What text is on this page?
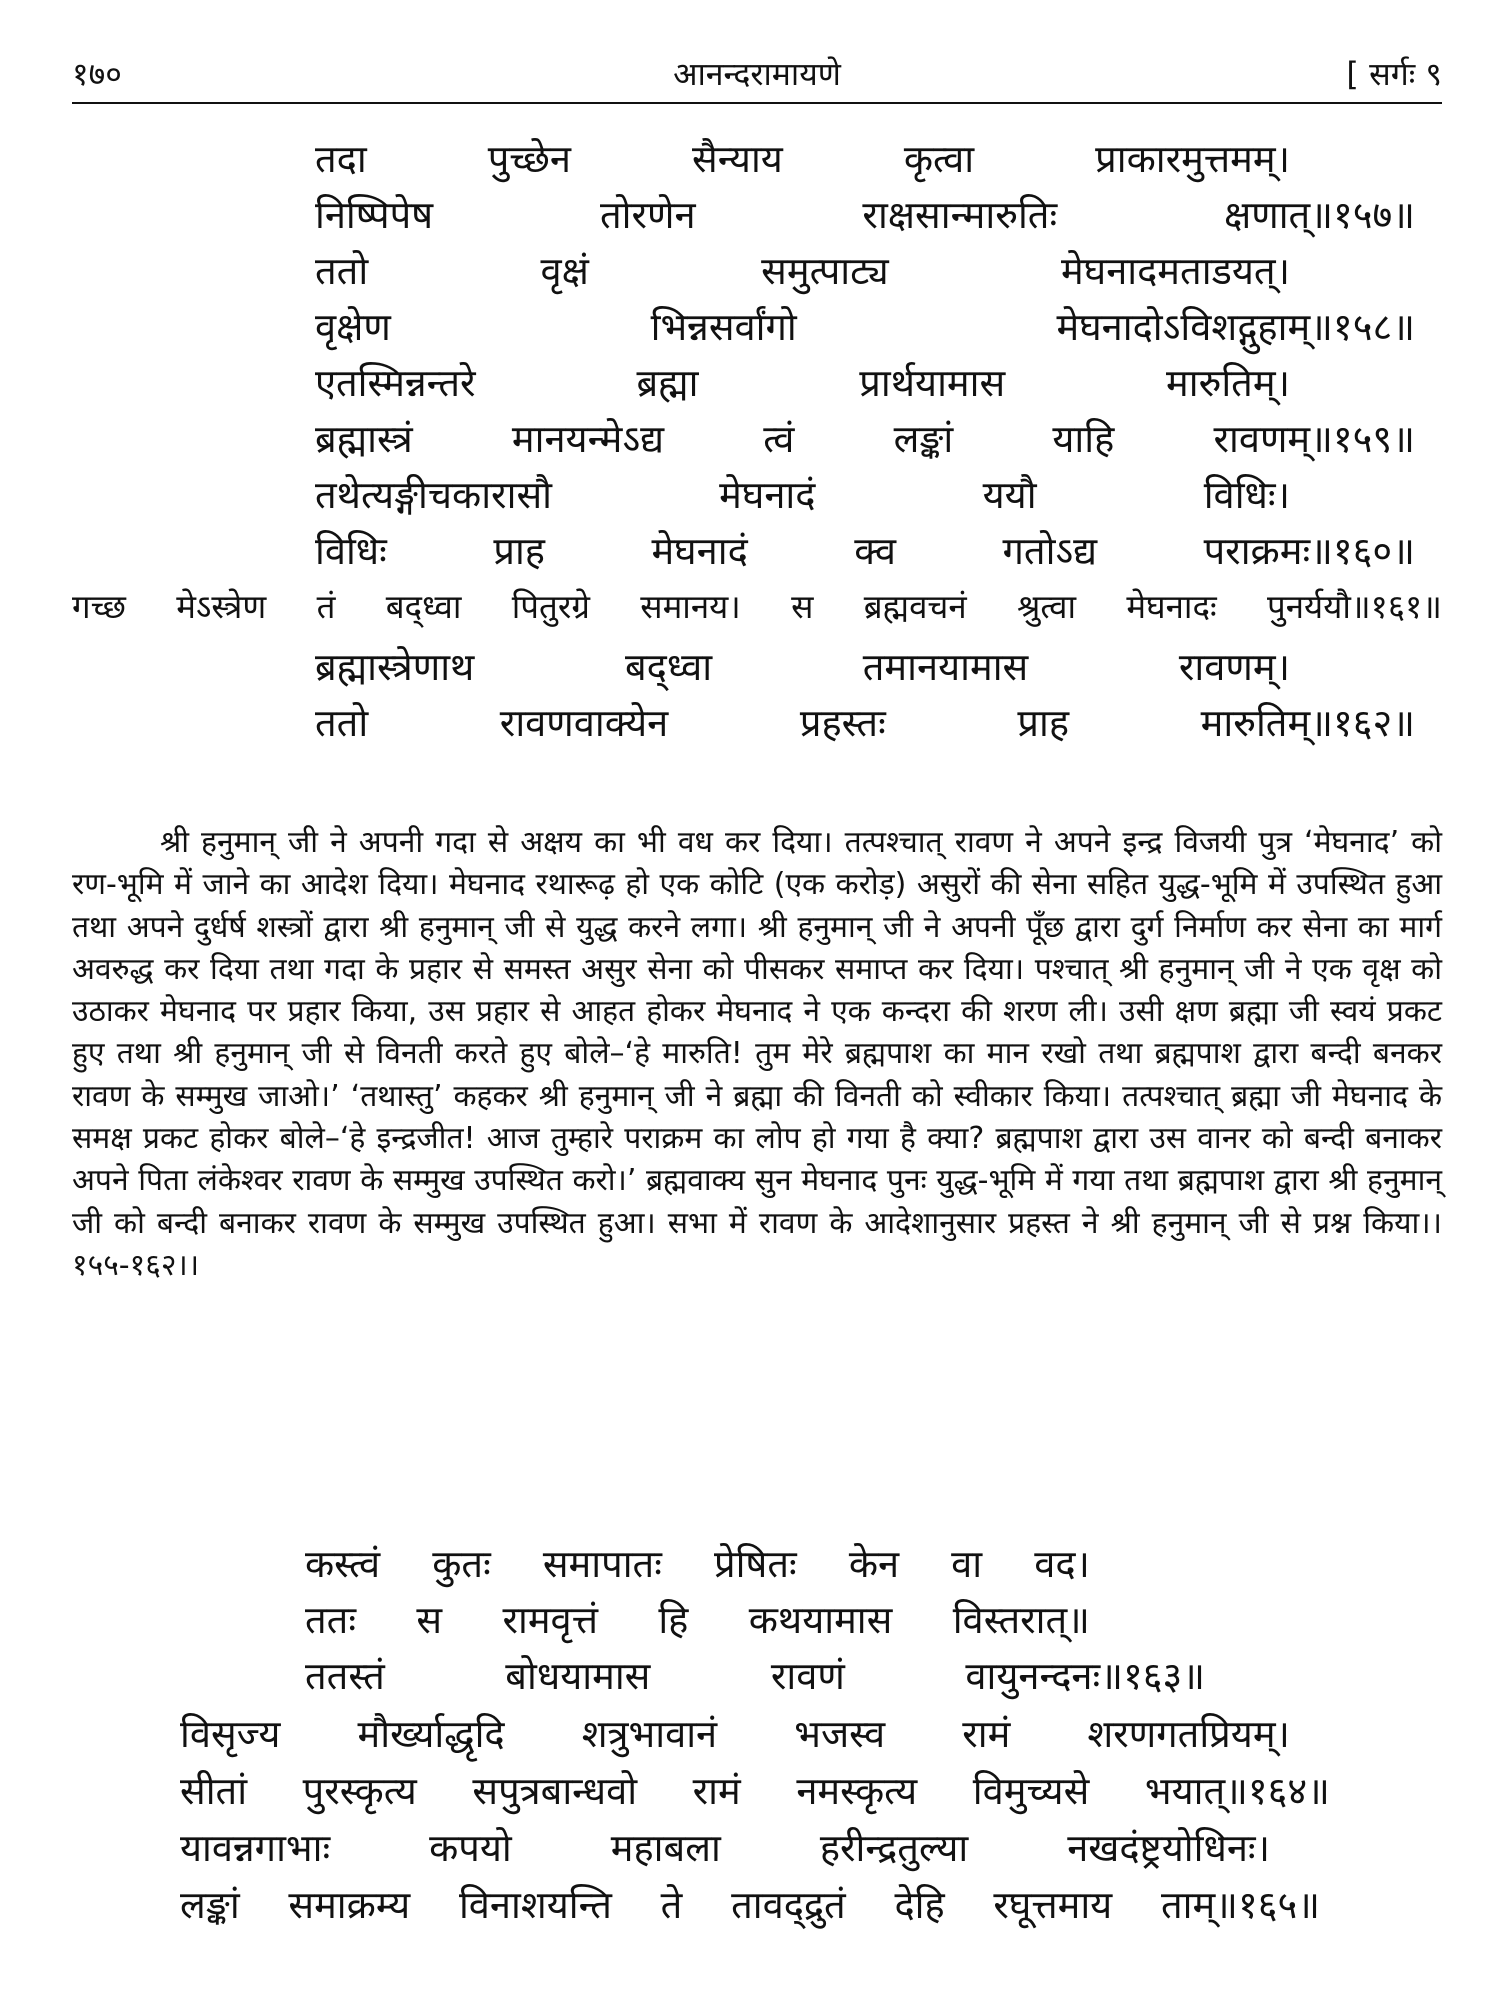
१७०	आनन्दरामायणे	[ सर्गः ९
तदा	पुच्छेन	सैन्याय	कृत्वा	प्राकारमुत्तमम्।
निष्पिपेष	तोरणेन	राक्षसान्मारुतिः	क्षणात्॥१५७॥
ततो	वृक्षं	समुत्पाट्य	मेघनादमताडयत्।
वृक्षेण	भिन्नसर्वांगो	मेघनादोऽविशद्गुहाम्॥१५८॥
एतस्मिन्नन्तरे	ब्रह्मा	प्रार्थयामास	मारुतिम्।
ब्रह्मास्त्रं	मानयन्मेऽद्य	त्वं	लङ्कां	याहि	रावणम्॥१५९॥
तथेत्यङ्गीचकारासौ	मेघनादं	ययौ	विधिः।
विधिः	प्राह	मेघनादं	क्व	गतोऽद्य	पराक्रमः॥१६०॥
गच्छ मेऽस्त्रेण तं बद्ध्वा पितुरग्रे समानय। स ब्रह्मवचनं श्रुत्वा मेघनादः पुनर्ययौ॥१६१॥
ब्रह्मास्त्रेणाथ	बद्ध्वा	तमानयामास	रावणम्।
ततो	रावणवाक्येन	प्रहस्तः	प्राह	मारुतिम्॥१६२॥

श्री हनुमान् जी ने अपनी गदा से अक्षय का भी वध कर दिया। तत्पश्चात् रावण ने अपने इन्द्र विजयी पुत्र ‘मेघनाद’ को रण-भूमि में जाने का आदेश दिया। मेघनाद रथारूढ़ हो एक कोटि (एक करोड़) असुरों की सेना सहित युद्ध-भूमि में उपस्थित हुआ तथा अपने दुर्धर्ष शस्त्रों द्वारा श्री हनुमान् जी से युद्ध करने लगा। श्री हनुमान् जी ने अपनी पूँछ द्वारा दुर्ग निर्माण कर सेना का मार्ग अवरुद्ध कर दिया तथा गदा के प्रहार से समस्त असुर सेना को पीसकर समाप्त कर दिया। पश्चात् श्री हनुमान् जी ने एक वृक्ष को उठाकर मेघनाद पर प्रहार किया, उस प्रहार से आहत होकर मेघनाद ने एक कन्दरा की शरण ली। उसी क्षण ब्रह्मा जी स्वयं प्रकट हुए तथा श्री हनुमान् जी से विनती करते हुए बोले–‘हे मारुति! तुम मेरे ब्रह्मपाश का मान रखो तथा ब्रह्मपाश द्वारा बन्दी बनकर रावण के सम्मुख जाओ।’ ‘तथास्तु’ कहकर श्री हनुमान् जी ने ब्रह्मा की विनती को स्वीकार किया। तत्पश्चात् ब्रह्मा जी मेघनाद के समक्ष प्रकट होकर बोले–‘हे इन्द्रजीत! आज तुम्हारे पराक्रम का लोप हो गया है क्या? ब्रह्मपाश द्वारा उस वानर को बन्दी बनाकर अपने पिता लंकेश्वर रावण के सम्मुख उपस्थित करो।’ ब्रह्मवाक्य सुन मेघनाद पुनः युद्ध-भूमि में गया तथा ब्रह्मपाश द्वारा श्री हनुमान् जी को बन्दी बनाकर रावण के सम्मुख उपस्थित हुआ। सभा में रावण के आदेशानुसार प्रहस्त ने श्री हनुमान् जी से प्रश्न किया।।१५५-१६२।।

कस्त्वं कुतः समापातः प्रेषितः केन वा वद।
ततः स रामवृत्तं हि कथयामास विस्तरात्॥
ततस्तं	बोधयामास	रावणं	वायुनन्दनः॥१६३॥
विसृज्य मौर्ख्याद्धृदि शत्रुभावानं भजस्व रामं शरणगतप्रियम्।
सीतां पुरस्कृत्य सपुत्रबान्धवो रामं नमस्कृत्य विमुच्यसे भयात्॥१६४॥
यावन्नगाभाः	कपयो	महाबला	हरीन्द्रतुल्या	नखदंष्ट्रयोधिनः।
लङ्कां समाक्रम्य विनाशयन्ति ते तावद्द्रुतं देहि रघूत्तमाय ताम्॥१६५॥
